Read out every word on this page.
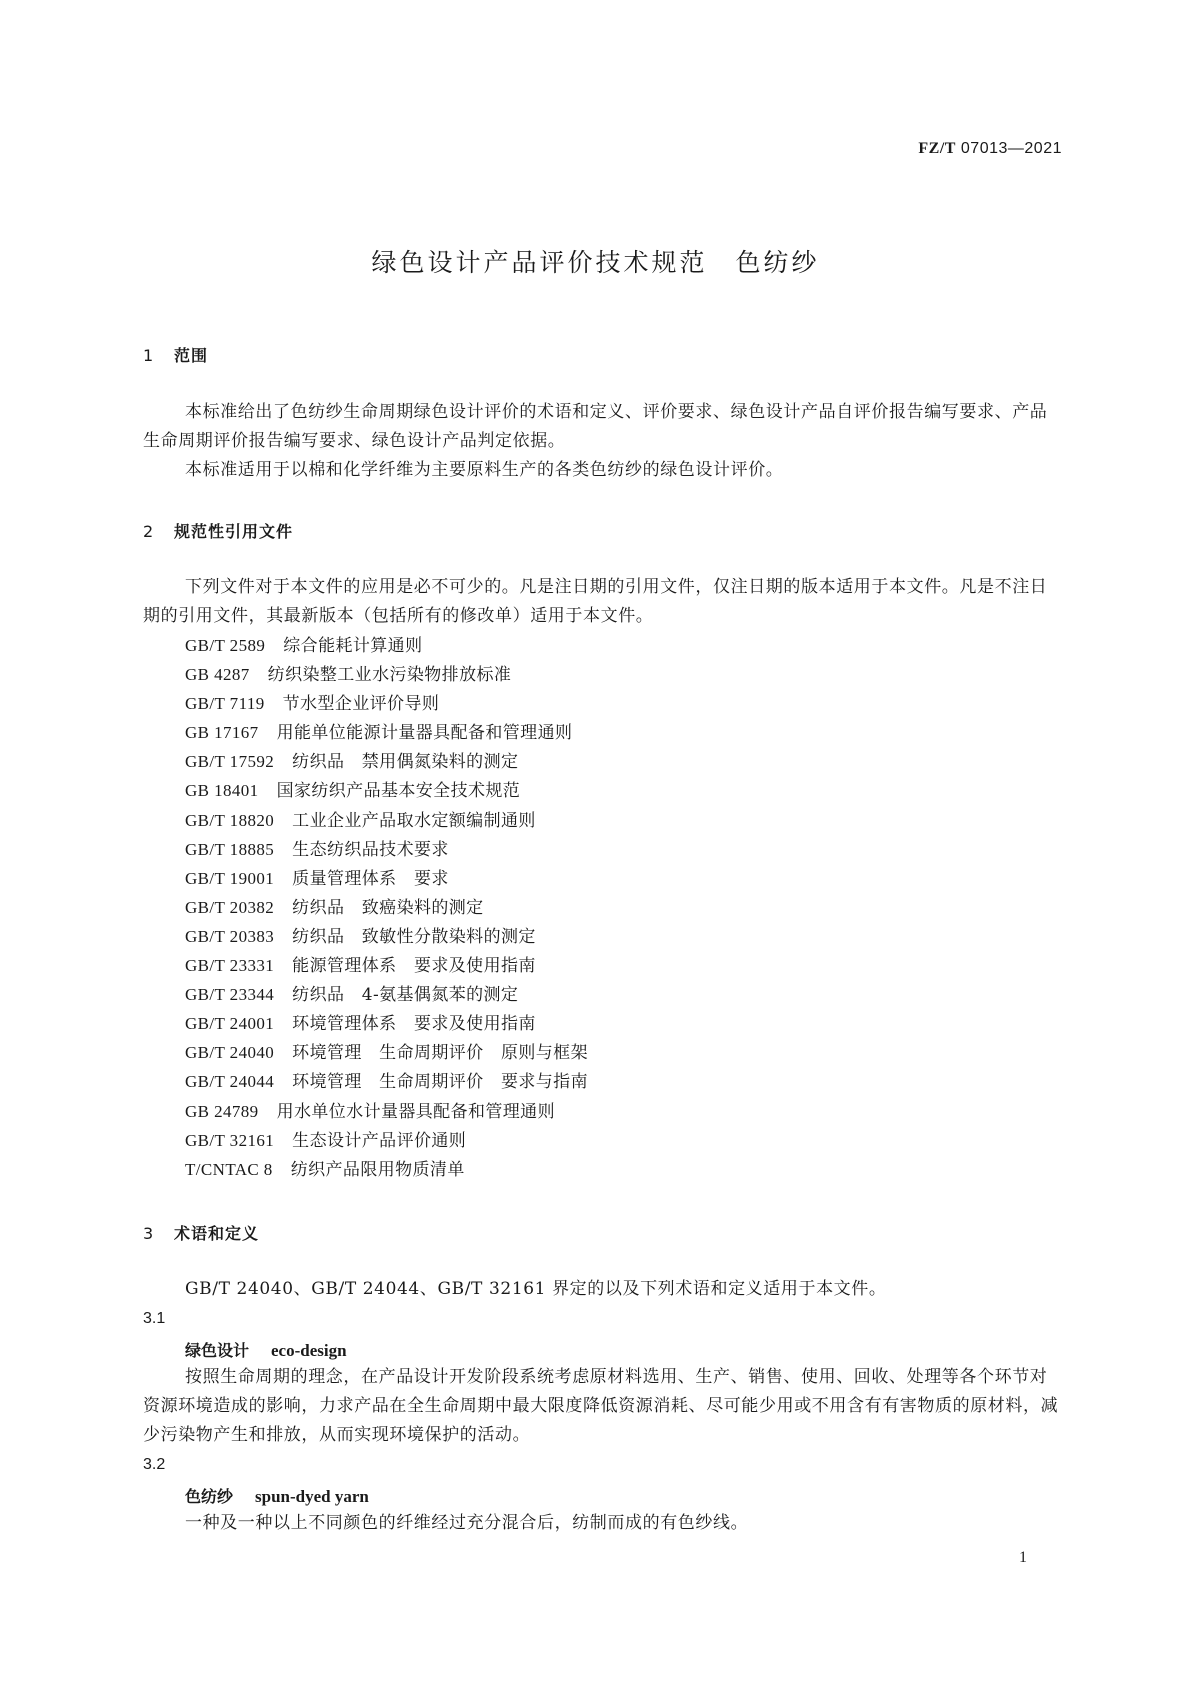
FZ/T 07013—2021
绿色设计产品评价技术规范　色纺纱
1 范围
本标准给出了色纺纱生命周期绿色设计评价的术语和定义、评价要求、绿色设计产品自评价报告编写要求、产品生命周期评价报告编写要求、绿色设计产品判定依据。
本标准适用于以棉和化学纤维为主要原料生产的各类色纺纱的绿色设计评价。
2 规范性引用文件
下列文件对于本文件的应用是必不可少的。凡是注日期的引用文件，仅注日期的版本适用于本文件。凡是不注日期的引用文件，其最新版本（包括所有的修改单）适用于本文件。
GB/T 2589 综合能耗计算通则
GB 4287 纺织染整工业水污染物排放标准
GB/T 7119 节水型企业评价导则
GB 17167 用能单位能源计量器具配备和管理通则
GB/T 17592 纺织品　禁用偶氮染料的测定
GB 18401 国家纺织产品基本安全技术规范
GB/T 18820 工业企业产品取水定额编制通则
GB/T 18885 生态纺织品技术要求
GB/T 19001 质量管理体系　要求
GB/T 20382 纺织品　致癌染料的测定
GB/T 20383 纺织品　致敏性分散染料的测定
GB/T 23331 能源管理体系　要求及使用指南
GB/T 23344 纺织品　4-氨基偶氮苯的测定
GB/T 24001 环境管理体系　要求及使用指南
GB/T 24040 环境管理　生命周期评价　原则与框架
GB/T 24044 环境管理　生命周期评价　要求与指南
GB 24789 用水单位水计量器具配备和管理通则
GB/T 32161 生态设计产品评价通则
T/CNTAC 8 纺织产品限用物质清单
3 术语和定义
GB/T 24040、GB/T 24044、GB/T 32161 界定的以及下列术语和定义适用于本文件。
3.1
绿色设计 eco-design
按照生命周期的理念，在产品设计开发阶段系统考虑原材料选用、生产、销售、使用、回收、处理等各个环节对资源环境造成的影响，力求产品在全生命周期中最大限度降低资源消耗、尽可能少用或不用含有有害物质的原材料，减少污染物产生和排放，从而实现环境保护的活动。
3.2
色纺纱 spun-dyed yarn
一种及一种以上不同颜色的纤维经过充分混合后，纺制而成的有色纱线。
1
